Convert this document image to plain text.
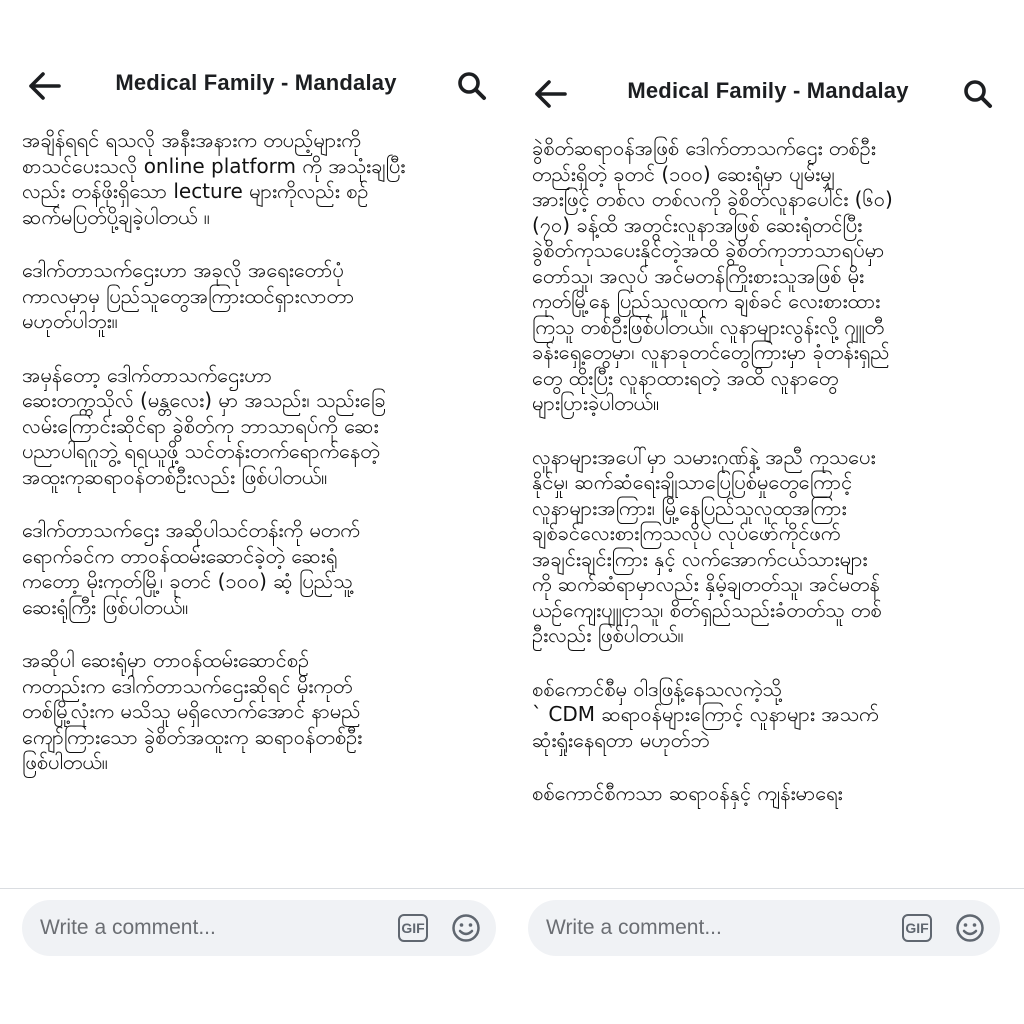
Medical Family - Mandalay

အချိန်ရရင် ရသလို အနီးအနားက တပည့်များကို
စာသင်ပေးသလို online platform ကို အသုံးချပြီး
လည်း တန်ဖိုးရှိသော lecture များကိုလည်း စဉ်
ဆက်မပြတ်ပို့ချခဲ့ပါတယ် ။

ဒေါက်တာသက်ဌေးဟာ အခုလို အရေးတော်ပုံ
ကာလမှာမှ ပြည်သူတွေအကြားထင်ရှားလာတာ
မဟုတ်ပါဘူး။

အမှန်တော့ ဒေါက်တာသက်ဌေးဟာ
ဆေးတက္ကသိုလ် (မန္တလေး) မှာ အသည်း၊ သည်းခြေ
လမ်းကြောင်းဆိုင်ရာ ခွဲစိတ်ကု ဘာသာရပ်ကို ဆေး
ပညာပါရဂူဘွဲ့ ရရယူဖို့ သင်တန်းတက်ရောက်နေတဲ့
အထူးကုဆရာဝန်တစ်ဦးလည်း ဖြစ်ပါတယ်။

ဒေါက်တာသက်ဌေး အဆိုပါသင်တန်းကို မတက်
ရောက်ခင်က တာဝန်ထမ်းဆောင်ခဲ့တဲ့ ဆေးရုံ
ကတော့ မိုးကုတ်မြို့၊ ခုတင် (၁၀၀) ဆံ့ ပြည်သူ့
ဆေးရုံကြီး ဖြစ်ပါတယ်။

အဆိုပါ ဆေးရုံမှာ တာဝန်ထမ်းဆောင်စဉ်
ကတည်းက ဒေါက်တာသက်ဌေးဆိုရင် မိုးကုတ်
တစ်မြို့လုံးက မသိသူ မရှိလောက်အောင် နာမည်
ကျော်ကြားသော ခွဲစိတ်အထူးကု ဆရာဝန်တစ်ဦး
ဖြစ်ပါတယ်။

Write a comment...
GIF
Medical Family - Mandalay

ခွဲစိတ်ဆရာဝန်အဖြစ် ဒေါက်တာသက်ဌေး တစ်ဦး
တည်းရှိတဲ့ ခုတင် (၁၀၀) ဆေးရုံမှာ ပျမ်းမျှ
အားဖြင့် တစ်လ တစ်လကို ခွဲစိတ်လူနာပေါင်း (၆၀)
(၇၀) ခန့်ထိ အတွင်းလူနာအဖြစ် ဆေးရုံတင်ပြီး
ခွဲစိတ်ကုသပေးနိုင်တဲ့အထိ ခွဲစိတ်ကုဘာသာရပ်မှာ
တော်သူ၊ အလုပ် အင်မတန်ကြိုးစားသူအဖြစ် မိုး
ကုတ်မြို့နေ ပြည်သူလူထုက ချစ်ခင် လေးစားထား
ကြသူ တစ်ဦးဖြစ်ပါတယ်။ လူနာများလွန်းလို့ ဂျူတီ
ခန်းရှေ့တွေမှာ၊ လူနာခုတင်တွေကြားမှာ ခုံတန်းရှည်
တွေ ထိုးပြီး လူနာထားရတဲ့ အထိ လူနာတွေ
များပြားခဲ့ပါတယ်။

လူနာများအပေါ်မှာ သမားဂုဏ်နဲ့ အညီ ကုသပေး
နိုင်မှု၊ ဆက်ဆံရေးချိုသာပြေပြစ်မှုတွေကြောင့်
လူနာများအကြား၊ မြို့နေပြည်သူလူထုအကြား
ချစ်ခင်လေးစားကြသလိုပဲ လုပ်ဖော်ကိုင်ဖက်
အချင်းချင်းကြား နှင့် လက်အောက်ငယ်သားများ
ကို ဆက်ဆံရာမှာလည်း နှိမ့်ချတတ်သူ၊ အင်မတန်
ယဉ်ကျေးပျူငှာသူ၊ စိတ်ရှည်သည်းခံတတ်သူ တစ်
ဦးလည်း ဖြစ်ပါတယ်။

စစ်ကောင်စီမှ ဝါဒဖြန့်နေသလကဲ့သို့
` CDM ဆရာဝန်များကြောင့် လူနာများ အသက်
ဆုံးရှုံးနေရတာ မဟုတ်ဘဲ

စစ်ကောင်စီကသာ ဆရာဝန်နှင့် ကျန်းမာရေး

Write a comment...
GIF
